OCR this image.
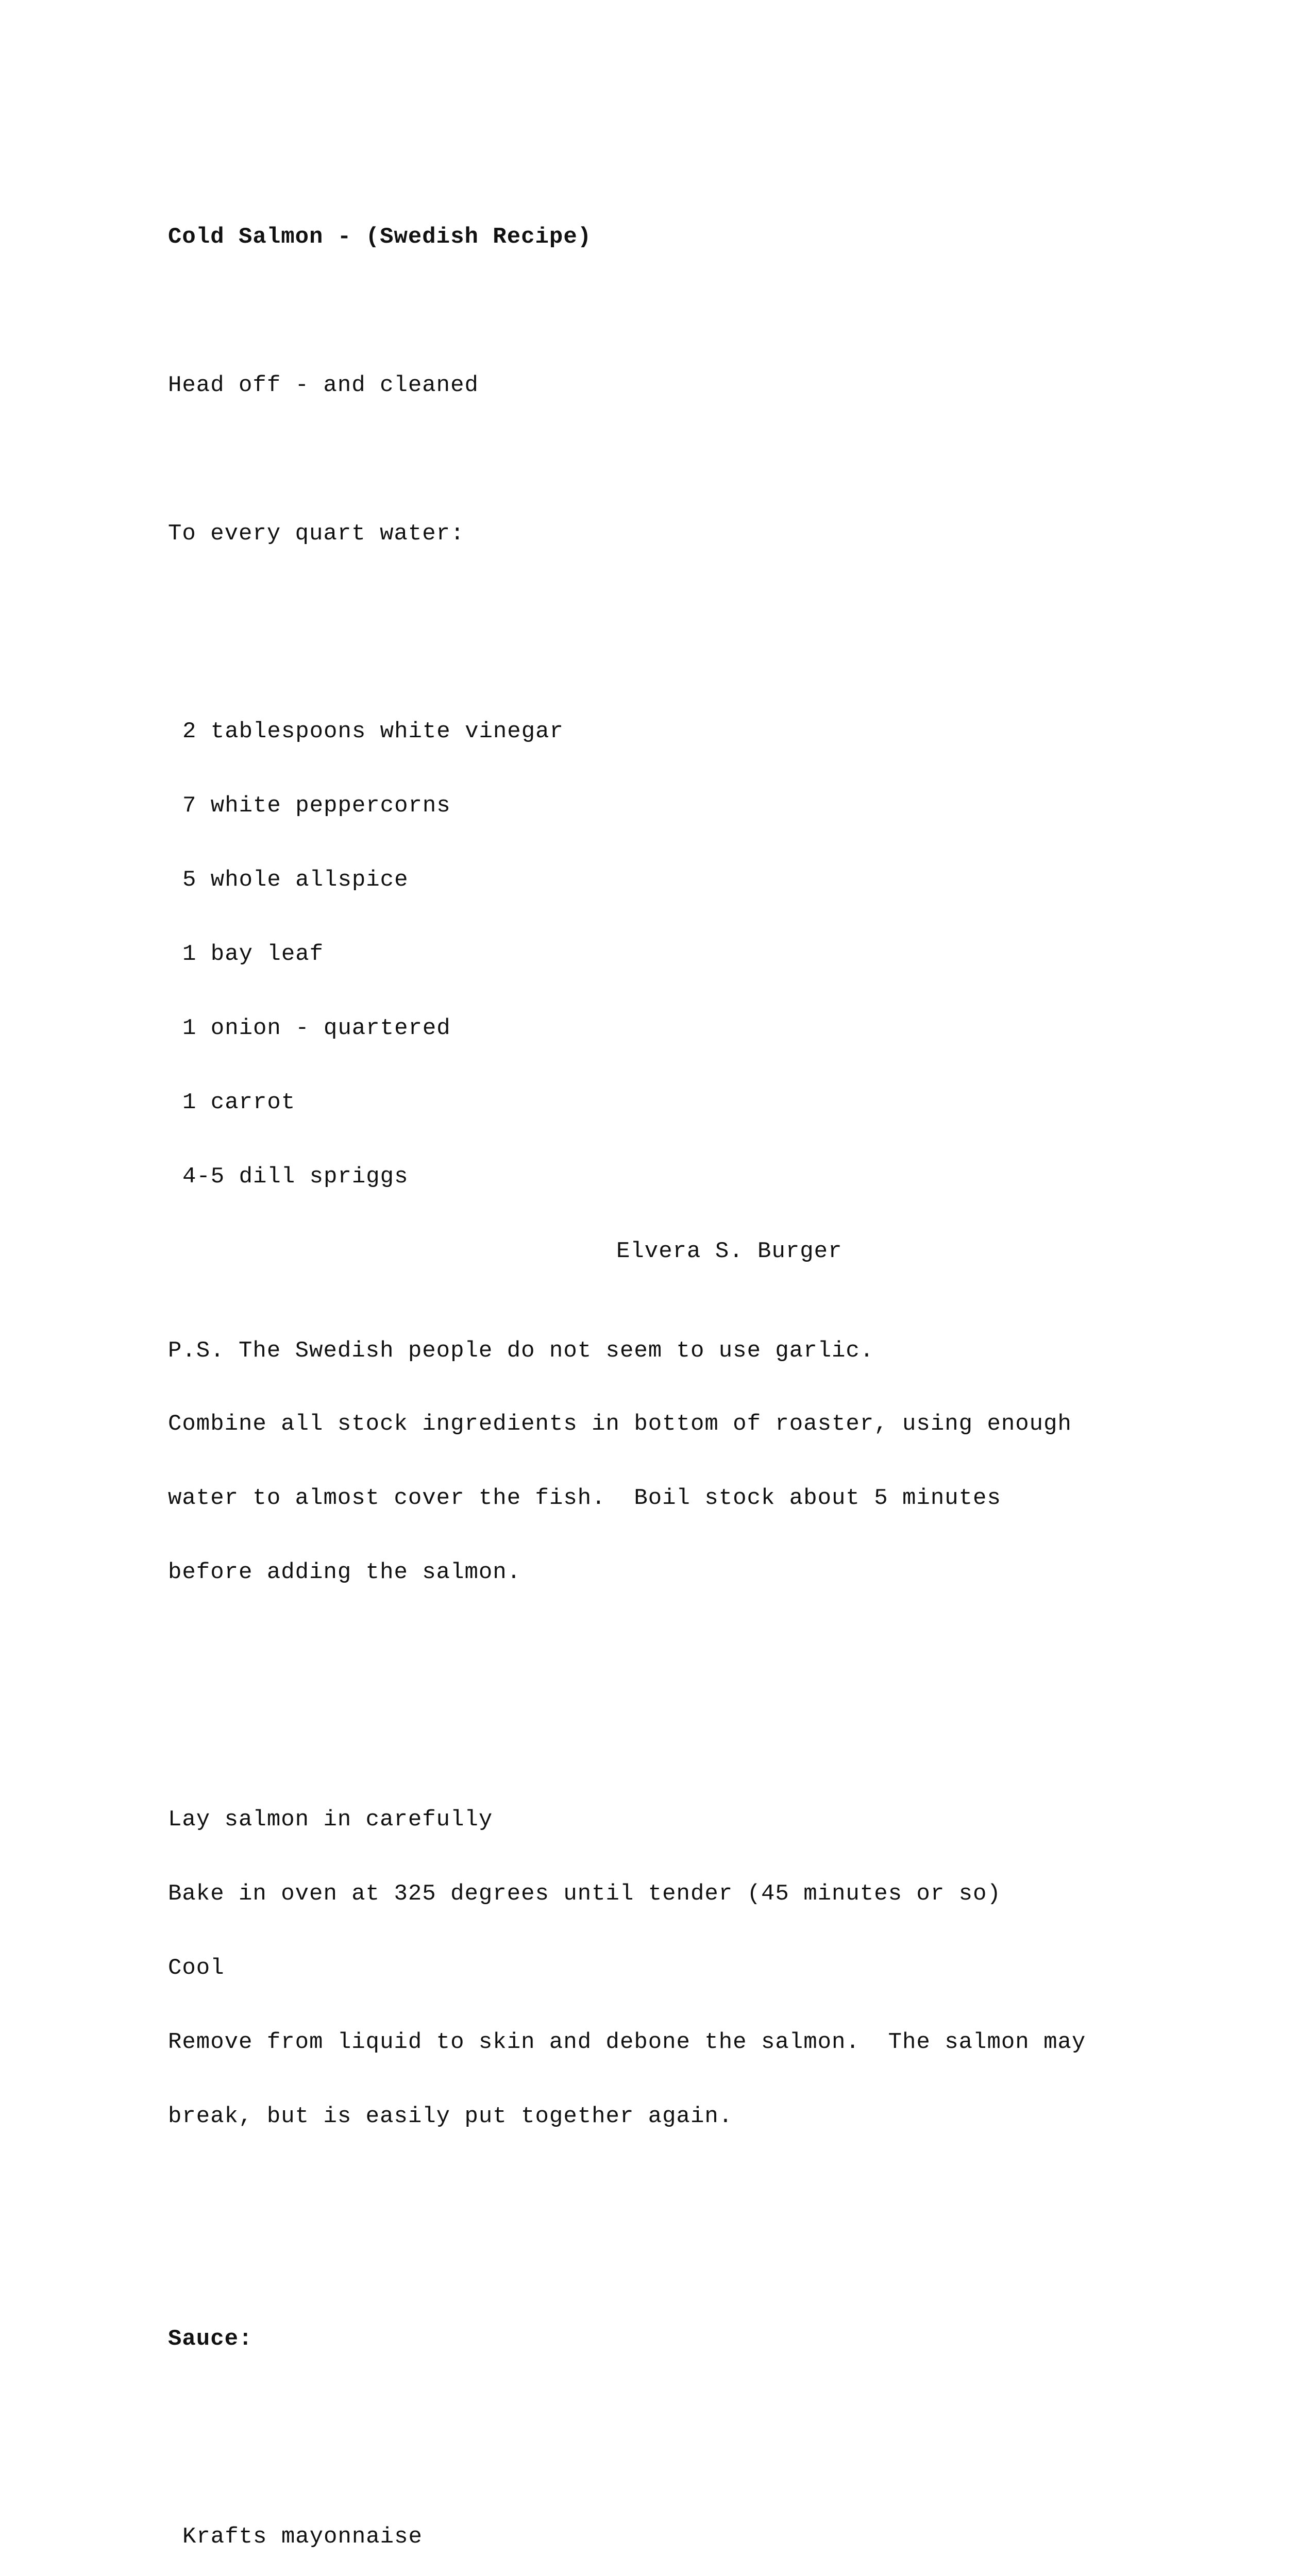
Cold Salmon - (Swedish Recipe)

Head off - and cleaned

To every quart water:

2 tablespoons white vinegar

7 white peppercorns

5 whole allspice

1 bay leaf

1 onion - quartered

1 carrot

4-5 dill spriggs

Combine all stock ingredients in bottom of roaster, using enough

water to almost cover the fish.  Boil stock about 5 minutes

before adding the salmon.

Lay salmon in carefully

Bake in oven at 325 degrees until tender (45 minutes or so)

Cool

Remove from liquid to skin and debone the salmon.  The salmon may

break, but is easily put together again.

Sauce:

Krafts mayonnaise

Elvera S. Burger
P.S. The Swedish people do not seem to use garlic.
